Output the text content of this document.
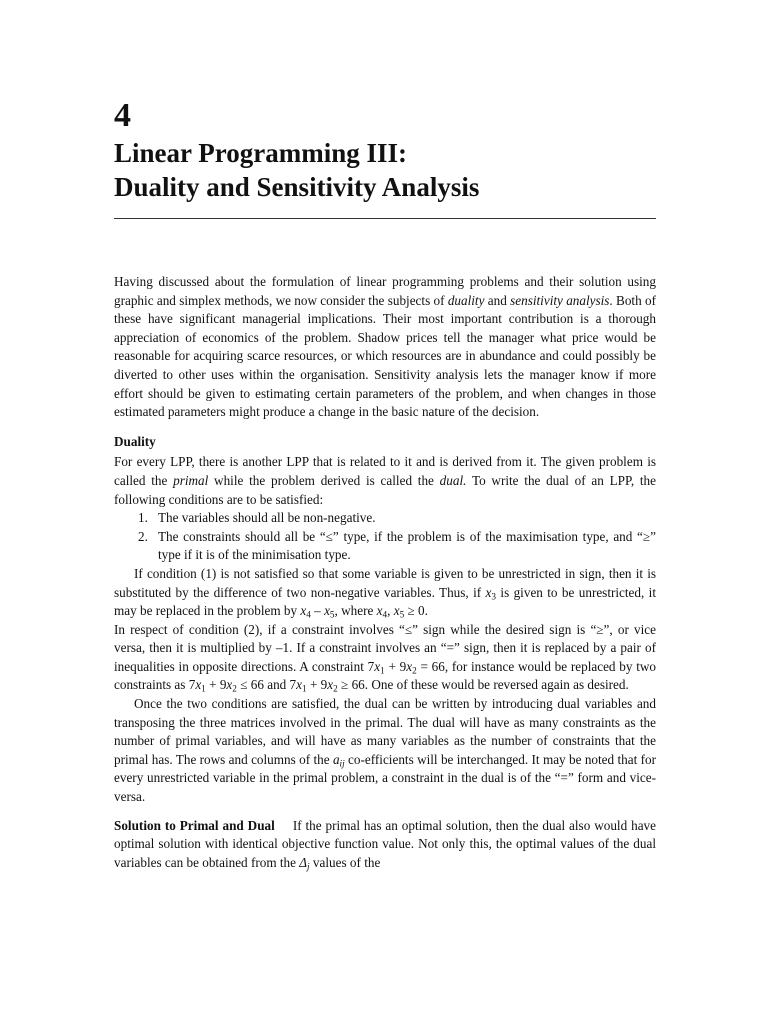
4
Linear Programming III:
Duality and Sensitivity Analysis

Having discussed about the formulation of linear programming problems and their solution using graphic and simplex methods, we now consider the subjects of duality and sensitivity analysis. Both of these have significant managerial implications. Their most important contribution is a thorough appreciation of economics of the problem. Shadow prices tell the manager what price would be reasonable for acquiring scarce resources, or which resources are in abundance and could possibly be diverted to other uses within the organisation. Sensitivity analysis lets the manager know if more effort should be given to estimating certain parameters of the problem, and when changes in those estimated parameters might produce a change in the basic nature of the decision.

Duality

For every LPP, there is another LPP that is related to it and is derived from it. The given problem is called the primal while the problem derived is called the dual. To write the dual of an LPP, the following conditions are to be satisfied:

1. The variables should all be non-negative.
2. The constraints should all be “≤” type, if the problem is of the maximisation type, and “≥” type if it is of the minimisation type.

If condition (1) is not satisfied so that some variable is given to be unrestricted in sign, then it is substituted by the difference of two non-negative variables. Thus, if $x_3$ is given to be unrestricted, it may be replaced in the problem by $x_4 - x_5$, where $x_4$, $x_5 \ge 0$.

In respect of condition (2), if a constraint involves “≤” sign while the desired sign is “≥”, or vice versa, then it is multiplied by –1. If a constraint involves an “=” sign, then it is replaced by a pair of inequalities in opposite directions. A constraint $7x_1 + 9x_2 = 66$, for instance would be replaced by two constraints as $7x_1 + 9x_2 \le 66$ and $7x_1 + 9x_2 \ge 66$. One of these would be reversed again as desired.

Once the two conditions are satisfied, the dual can be written by introducing dual variables and transposing the three matrices involved in the primal. The dual will have as many constraints as the number of primal variables, and will have as many variables as the number of constraints that the primal has. The rows and columns of the $a_{ij}$ co-efficients will be interchanged. It may be noted that for every unrestricted variable in the primal problem, a constraint in the dual is of the “=” form and vice-versa.

Solution to Primal and Dual If the primal has an optimal solution, then the dual also would have optimal solution with identical objective function value. Not only this, the optimal values of the dual variables can be obtained from the $\Delta_j$ values of the
